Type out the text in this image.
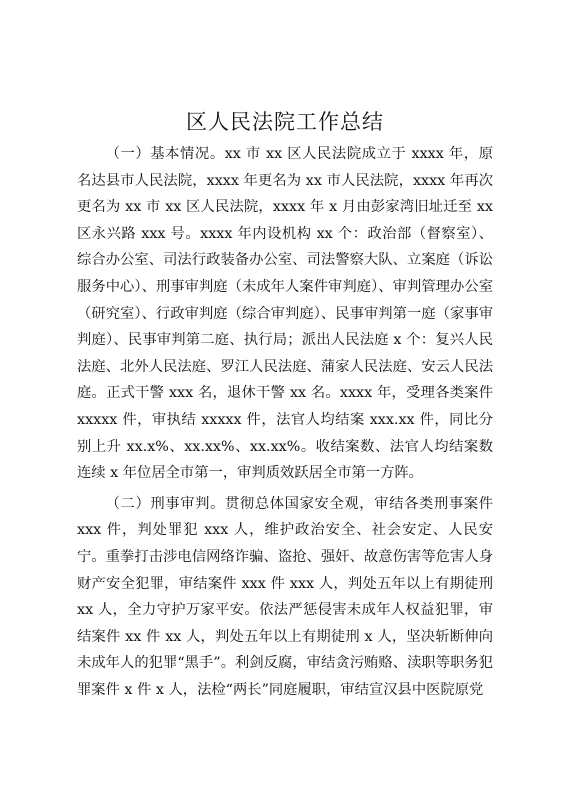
区人民法院工作总结

（一）基本情况。xx 市 xx 区人民法院成立于 xxxx 年，原名达县市人民法院，xxxx 年更名为 xx 市人民法院，xxxx 年再次更名为 xx 市 xx 区人民法院，xxxx 年 x 月由彭家湾旧址迁至 xx 区永兴路 xxx 号。xxxx 年内设机构 xx 个：政治部（督察室）、综合办公室、司法行政装备办公室、司法警察大队、立案庭（诉讼服务中心）、刑事审判庭（未成年人案件审判庭）、审判管理办公室（研究室）、行政审判庭（综合审判庭）、民事审判第一庭（家事审判庭）、民事审判第二庭、执行局；派出人民法庭 x 个：复兴人民法庭、北外人民法庭、罗江人民法庭、蒲家人民法庭、安云人民法庭。正式干警 xxx 名，退休干警 xx 名。xxxx 年，受理各类案件 xxxxx 件，审执结 xxxxx 件，法官人均结案 xxx.xx 件，同比分别上升 xx.x%、xx.xx%、xx.xx%。收结案数、法官人均结案数连续 x 年位居全市第一，审判质效跃居全市第一方阵。

（二）刑事审判。贯彻总体国家安全观，审结各类刑事案件 xxx 件，判处罪犯 xxx 人，维护政治安全、社会安定、人民安宁。重拳打击涉电信网络诈骗、盗抢、强奸、故意伤害等危害人身财产安全犯罪，审结案件 xxx 件 xxx 人，判处五年以上有期徒刑 xx 人，全力守护万家平安。依法严惩侵害未成年人权益犯罪，审结案件 xx 件 xx 人，判处五年以上有期徒刑 x 人，坚决斩断伸向未成年人的犯罪“黑手”。利剑反腐，审结贪污贿赂、渎职等职务犯罪案件 x 件 x 人，法检“两长”同庭履职，审结宣汉县中医院原党
